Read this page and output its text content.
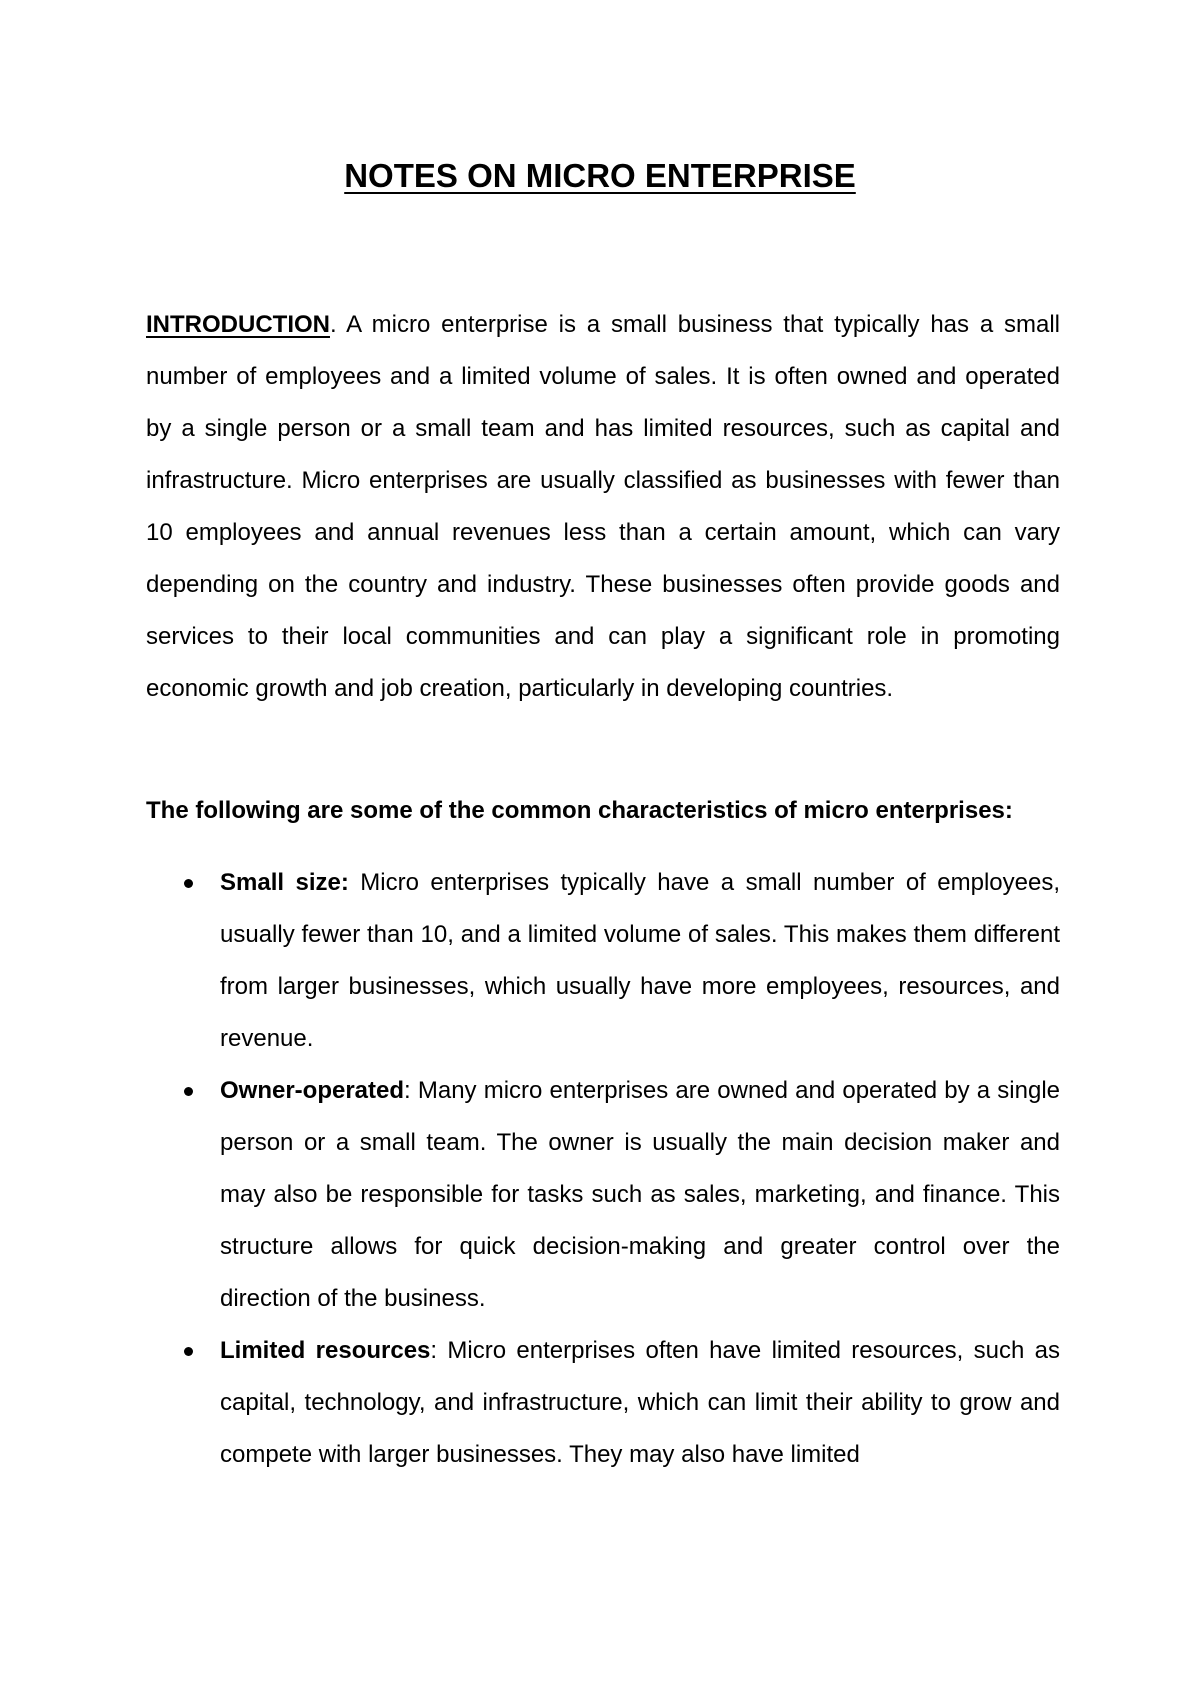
NOTES ON MICRO ENTERPRISE

INTRODUCTION. A micro enterprise is a small business that typically has a small number of employees and a limited volume of sales. It is often owned and operated by a single person or a small team and has limited resources, such as capital and infrastructure. Micro enterprises are usually classified as businesses with fewer than 10 employees and annual revenues less than a certain amount, which can vary depending on the country and industry. These businesses often provide goods and services to their local communities and can play a significant role in promoting economic growth and job creation, particularly in developing countries.

The following are some of the common characteristics of micro enterprises:

Small size: Micro enterprises typically have a small number of employees, usually fewer than 10, and a limited volume of sales. This makes them different from larger businesses, which usually have more employees, resources, and revenue.
Owner-operated: Many micro enterprises are owned and operated by a single person or a small team. The owner is usually the main decision maker and may also be responsible for tasks such as sales, marketing, and finance. This structure allows for quick decision-making and greater control over the direction of the business.
Limited resources: Micro enterprises often have limited resources, such as capital, technology, and infrastructure, which can limit their ability to grow and compete with larger businesses. They may also have limited
